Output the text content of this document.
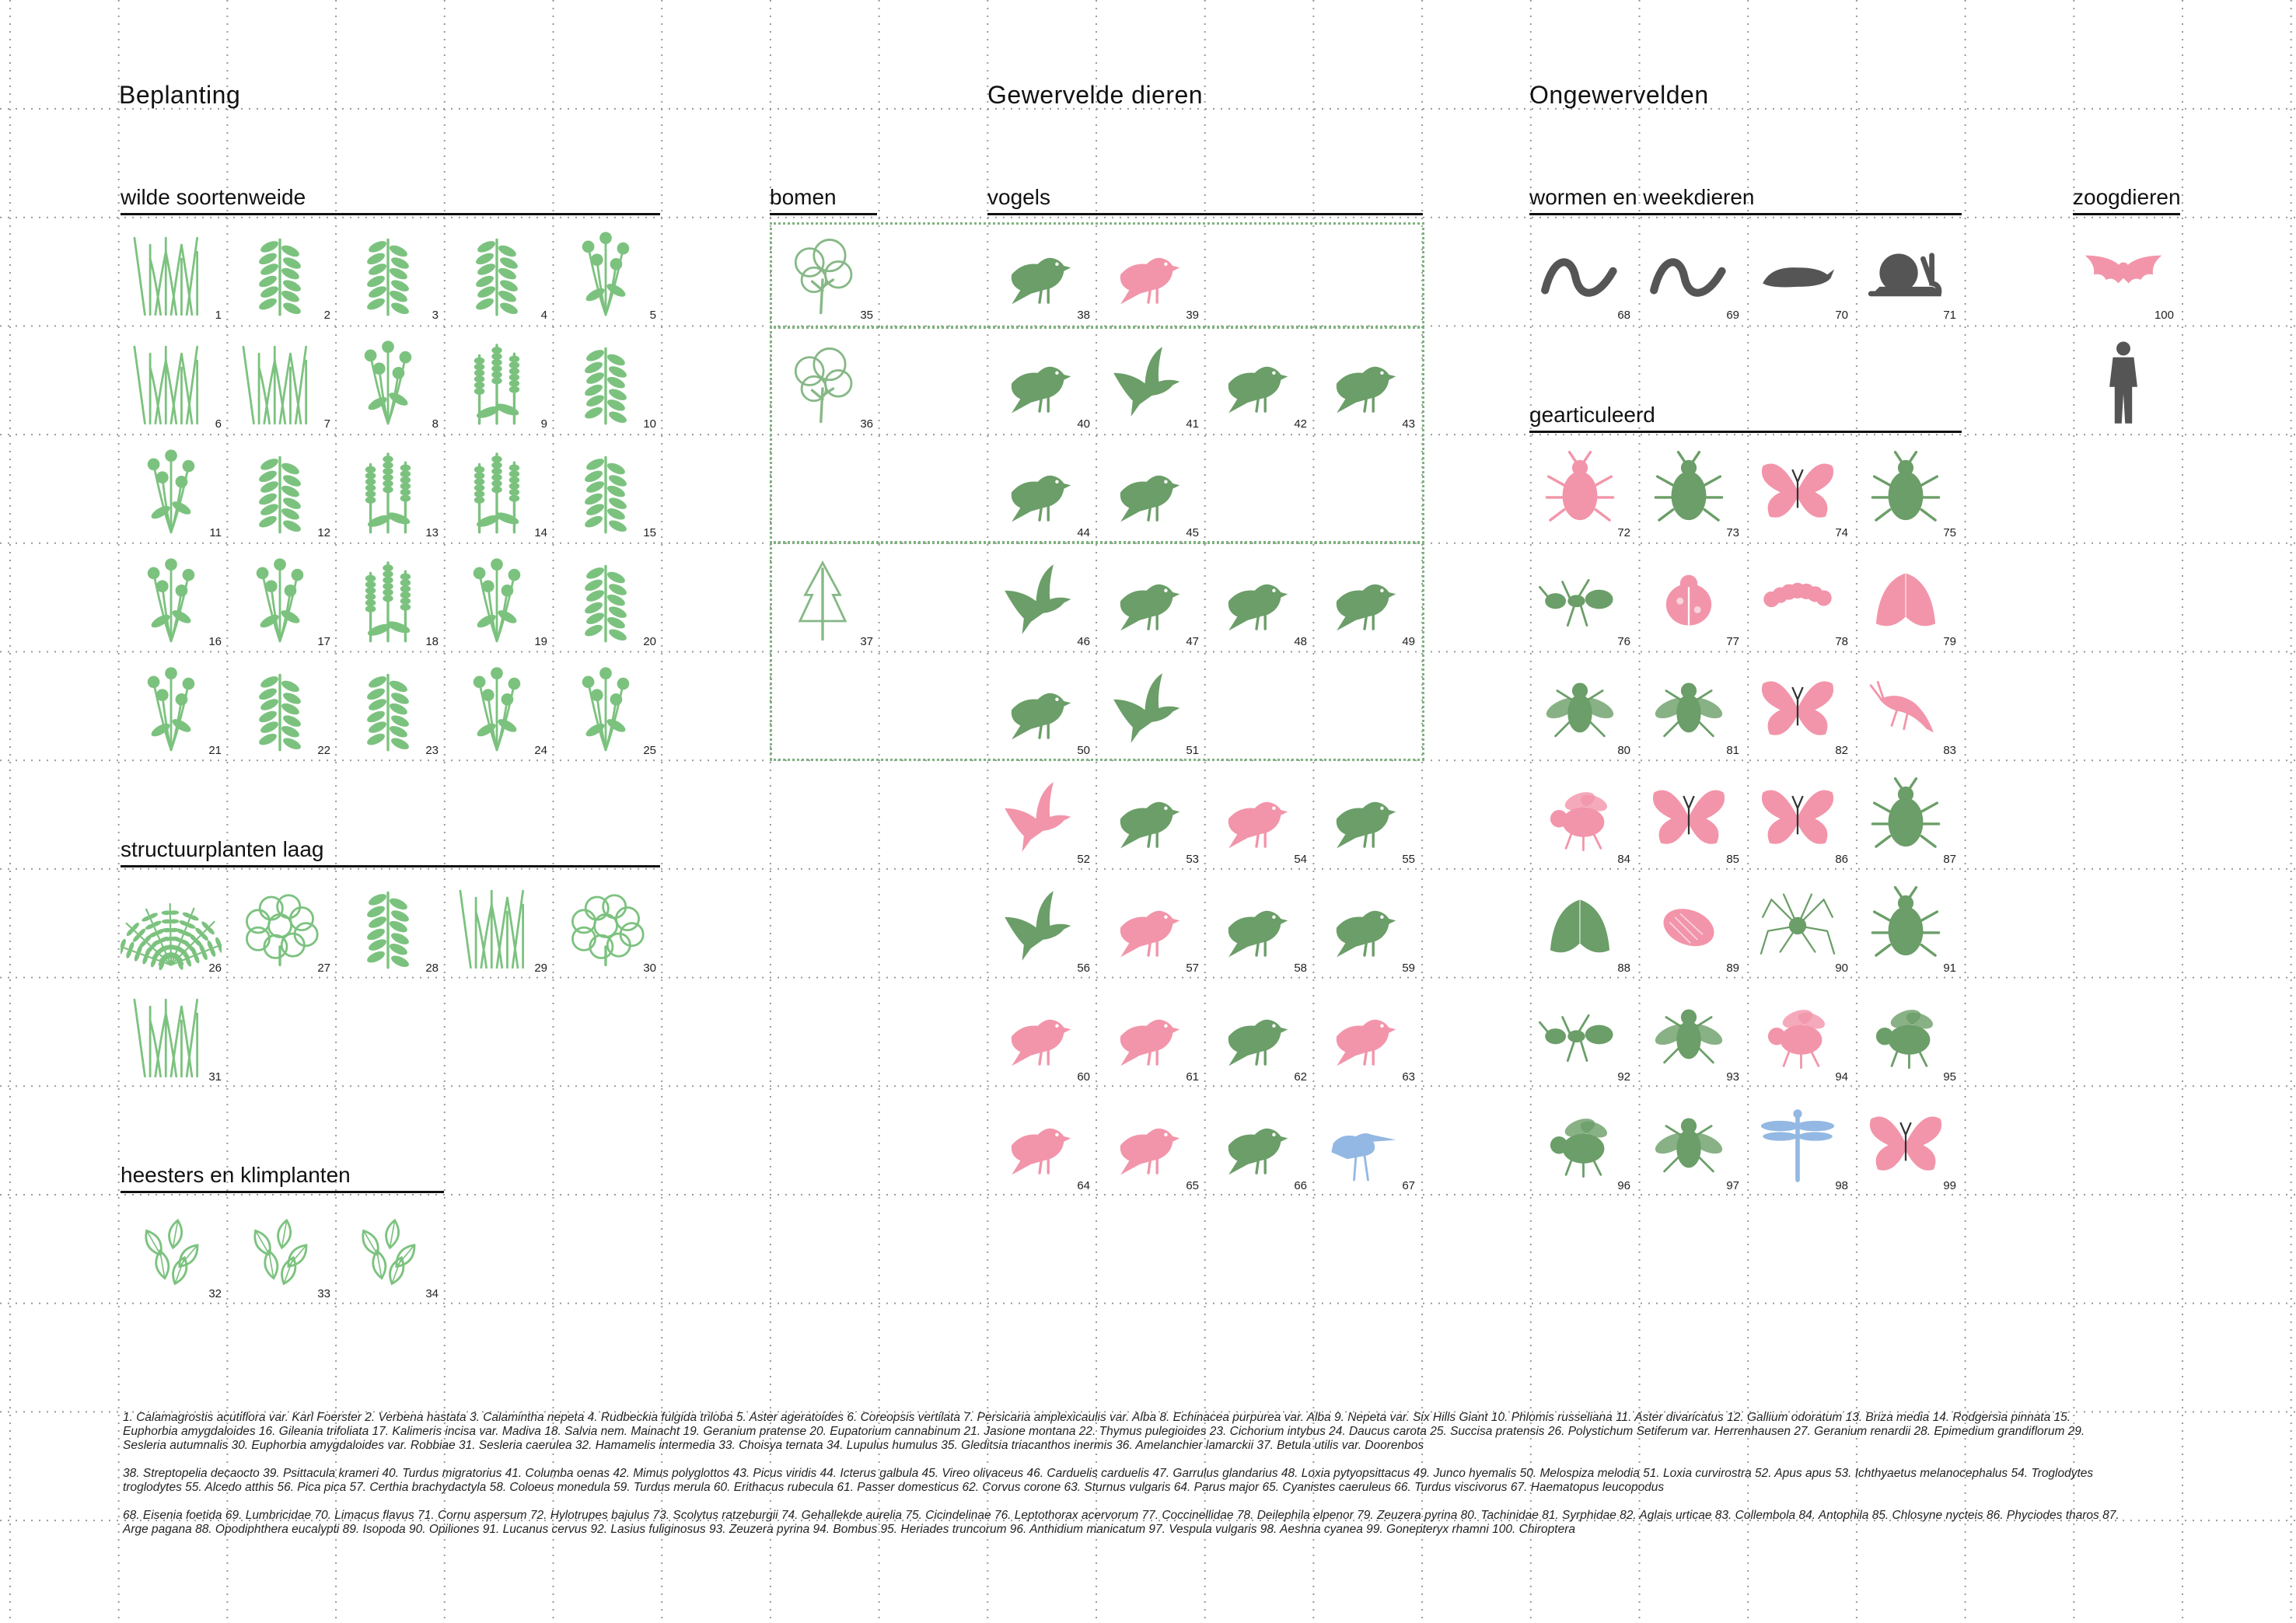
Beplanting	Gewervelde dieren	Ongewervelden
wilde soortenweide	bomen	vogels	wormen en weekdieren	zoogdieren
gearticuleerd
structuurplanten laag
heesters en klimplanten
1	2	3	4	5
6	7	8	9	10
11	12	13	14	15
16	17	18	19	20
21	22	23	24	25
26	27	28	29	30
31
32	33	34
35
36
37
38	39
40	41	42	43
44	45
46	47	48	49
50	51
52	53	54	55
56	57	58	59
60	61	62	63
64	65	66	67
68	69	70	71
72	73	74	75
76	77	78	79
80	81	82	83
84	85	86	87
88	89	90	91
92	93	94	95
96	97	98	99
100

1. Calamagrostis acutiflora var. Karl Foerster 2. Verbena hastata 3. Calamintha nepeta 4. Rudbeckia fulgida triloba 5. Aster ageratoides 6. Coreopsis vertilata 7. Persicaria amplexicaulis var. Alba 8. Echinacea purpurea var. Alba 9. Nepeta var. Six Hills Giant 10. Phlomis russeliana 11. Aster divaricatus 12. Gallium odoratum 13. Briza media 14. Rodgersia pinnata 15. Euphorbia amygdaloides 16. Gileania trifoliata 17. Kalimeris incisa var. Madiva 18. Salvia nem. Mainacht 19. Geranium pratense 20. Eupatorium cannabinum 21. Jasione montana 22. Thymus pulegioides 23. Cichorium intybus 24. Daucus carota 25. Succisa pratensis 26. Polystichum Setiferum var. Herrenhausen 27. Geranium renardii 28. Epimedium grandiflorum 29. Sesleria autumnalis 30. Euphorbia amygdaloides var. Robbiae 31. Sesleria caerulea 32. Hamamelis intermedia 33. Choisya ternata 34. Lupulus humulus 35. Gleditsia triacanthos inermis 36. Amelanchier lamarckii 37. Betula utilis var. Doorenbos

38. Streptopelia decaocto 39. Psittacula krameri 40. Turdus migratorius 41. Columba oenas 42. Mimus polyglottos 43. Picus viridis 44. Icterus galbula 45. Vireo olivaceus 46. Carduelis carduelis 47. Garrulus glandarius 48. Loxia pytyopsittacus 49. Junco hyemalis 50. Melospiza melodia 51. Loxia curvirostra 52. Apus apus 53. Ichthyaetus melanocephalus 54. Troglodytes troglodytes 55. Alcedo atthis 56. Pica pica 57. Certhia brachydactyla 58. Coloeus monedula 59. Turdus merula 60. Erithacus rubecula 61. Passer domesticus 62. Corvus corone 63. Sturnus vulgaris 64. Parus major 65. Cyanistes caeruleus 66. Turdus viscivorus 67. Haematopus leucopodus

68. Eisenia foetida 69. Lumbricidae 70. Limacus flavus 71. Cornu aspersum 72. Hylotrupes bajulus 73. Scolytus ratzeburgii 74. Gehallekde aurelia 75. Cicindelinae 76. Leptothorax acervorum 77. Coccinellidae 78. Deilephila elpenor 79. Zeuzera pyrina 80. Tachinidae 81. Syrphidae 82. Aglais urticae 83. Collembola 84. Antophila 85. Chlosyne nycteis 86. Phyciodes tharos 87. Arge pagana 88. Opodiphthera eucalypti 89. Isopoda 90. Opiliones 91. Lucanus cervus 92. Lasius fuliginosus 93. Zeuzera pyrina 94. Bombus 95. Heriades truncorum 96. Anthidium manicatum 97. Vespula vulgaris 98. Aeshna cyanea 99. Gonepteryx rhamni 100. Chiroptera
